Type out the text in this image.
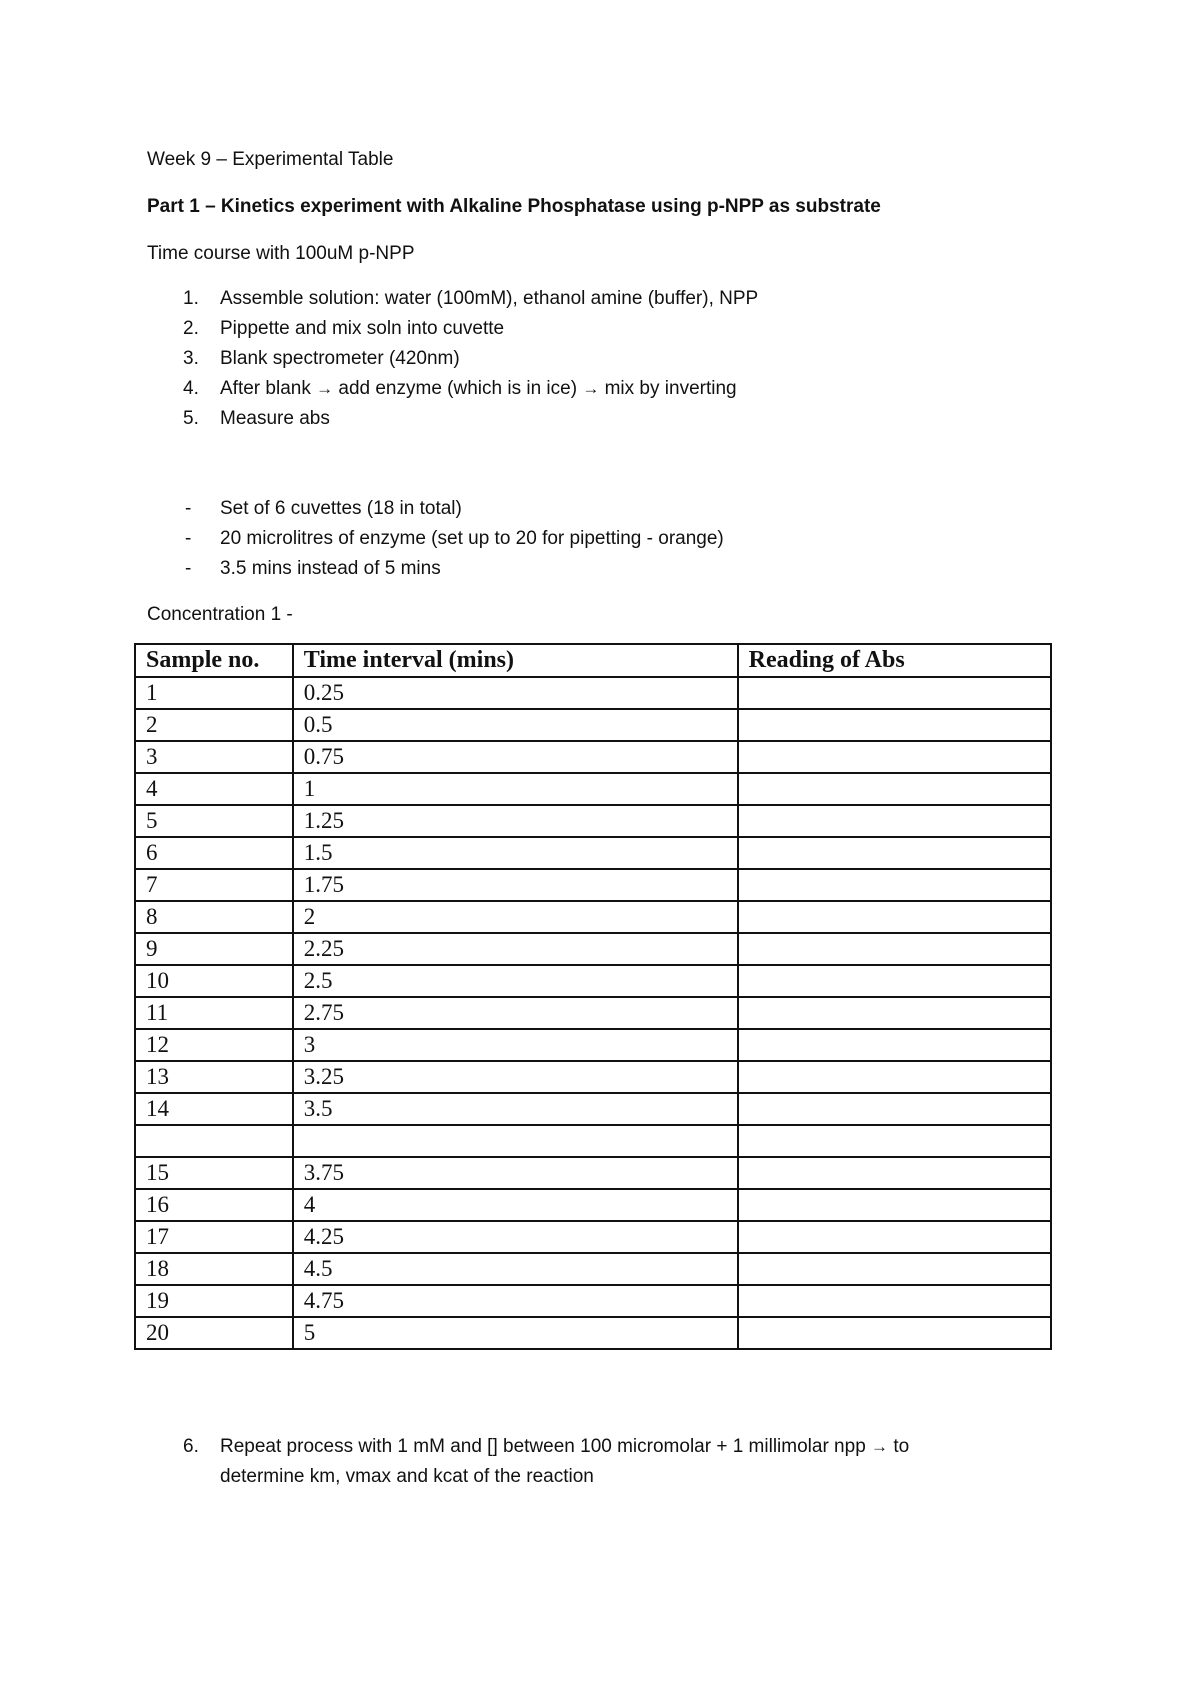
Week 9 – Experimental Table
Part 1 – Kinetics experiment with Alkaline Phosphatase using p-NPP as substrate
Time course with 100uM p-NPP
1. Assemble solution: water (100mM), ethanol amine (buffer), NPP
2. Pippette and mix soln into cuvette
3. Blank spectrometer (420nm)
4. After blank → add enzyme (which is in ice) → mix by inverting
5. Measure abs
- Set of 6 cuvettes (18 in total)
- 20 microlitres of enzyme (set up to 20 for pipetting - orange)
- 3.5 mins instead of 5 mins
Concentration 1 -
Sample no.	Time interval (mins)	Reading of Abs
1	0.25	
2	0.5	
3	0.75	
4	1	
5	1.25	
6	1.5	
7	1.75	
8	2	
9	2.25	
10	2.5	
11	2.75	
12	3	
13	3.25	
14	3.5	

15	3.75	
16	4	
17	4.25	
18	4.5	
19	4.75	
20	5	
6. Repeat process with 1 mM and [] between 100 micromolar + 1 millimolar npp → to
determine km, vmax and kcat of the reaction
